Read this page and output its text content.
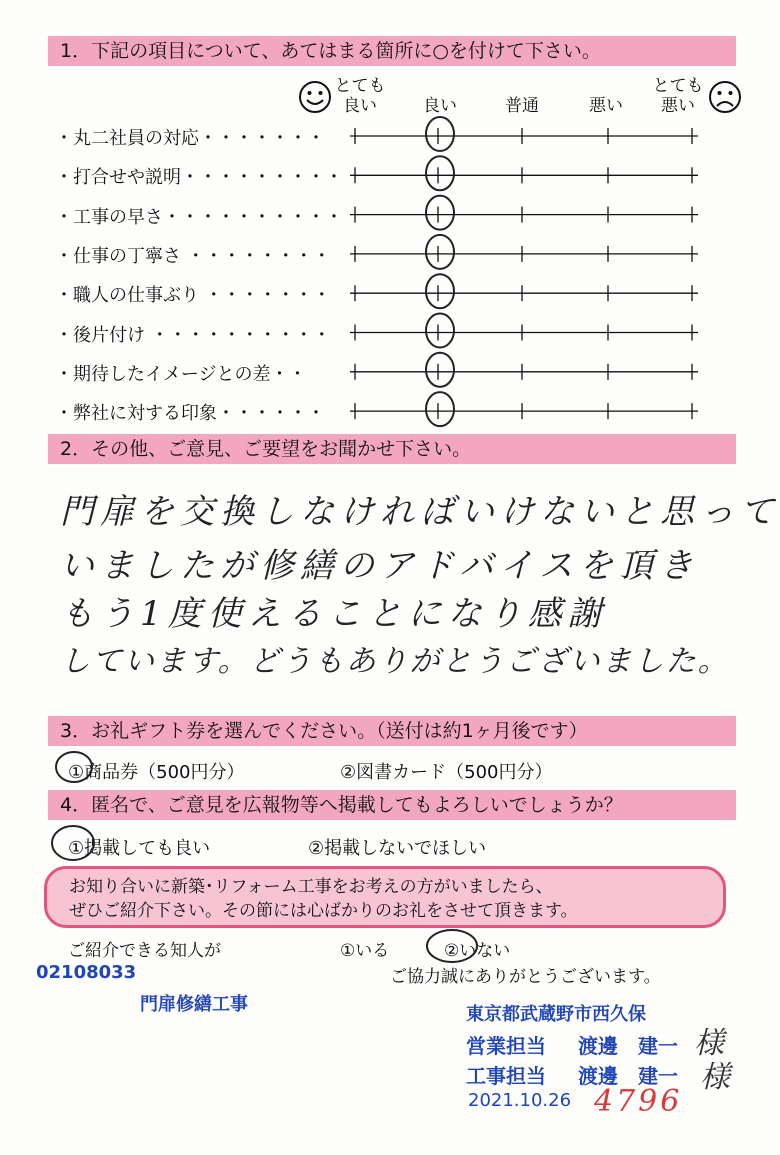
1．下記の項目について、あてはまる箇所に○を付けて下さい。
とても
良い	良い	普通	悪い
とても
悪い
・丸二社員の対応・・・・・・・
・打合せや説明・・・・・・・・・
・工事の早さ・・・・・・・・・・
・仕事の丁寧さ ・・・・・・・・
・職人の仕事ぶり ・・・・・・・
・後片付け ・・・・・・・・・・
・期待したイメージとの差・・
・弊社に対する印象・・・・・・
2．その他、ご意見、ご要望をお聞かせ下さい。
門扉を交換しなければいけないと思って
いましたが修繕のアドバイスを頂き
もう1度使えることになり感謝
しています。どうもありがとうございました。
3．お礼ギフト券を選んでください。（送付は約1ヶ月後です）
①商品券（500円分）	②図書カード（500円分）
4．匿名で、ご意見を広報物等へ掲載してもよろしいでしょうか？
①掲載しても良い	②掲載しないでほしい
お知り合いに新築･リフォーム工事をお考えの方がいましたら、
ぜひご紹介下さい。その節には心ばかりのお礼をさせて頂きます。
ご紹介できる知人が	①いる	②いない
ご協力誠にありがとうございます。
02108033
門扉修繕工事	東京都武蔵野市西久保
営業担当 渡邊　建一
工事担当 渡邊　建一
2021.10.26 4796
様
様
